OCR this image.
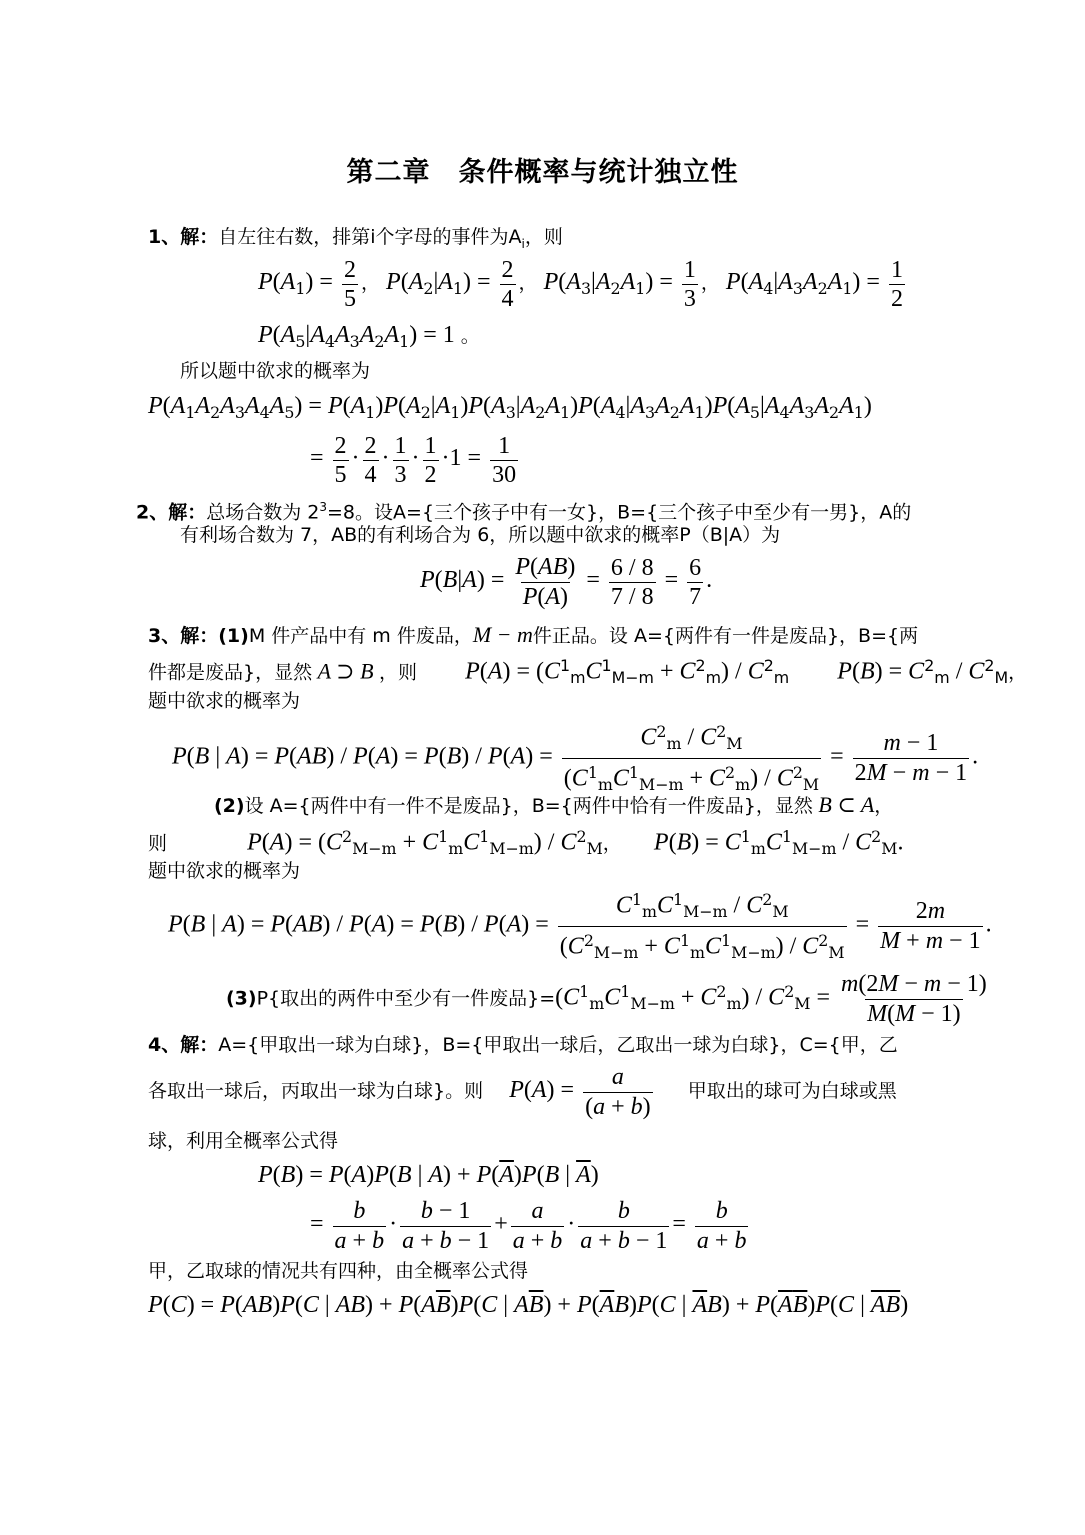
第二章　条件概率与统计独立性
1、解：自左往右数，排第i个字母的事件为$A_i$，则
$P(A_1) = \frac{2}{5}$ ， $P(A_2|A_1) = \frac{2}{4}$ ， $P(A_3|A_2A_1) = \frac{1}{3}$ ， $P(A_4|A_3A_2A_1) = \frac{1}{2}$
$P(A_5|A_4A_3A_2A_1) = 1$ 。
所以题中欲求的概率为
$P(A_1A_2A_3A_4A_5) = P(A_1)P(A_2|A_1)P(A_3|A_2A_1)P(A_4|A_3A_2A_1)P(A_5|A_4A_3A_2A_1)$
= $\frac{2}{5} \cdot \frac{2}{4} \cdot \frac{1}{3} \cdot \frac{1}{2} \cdot 1 = \frac{1}{30}$
2、解：总场合数为 $2^3=8$。设A={三个孩子中有一女}，B={三个孩子中至少有一男}，A的
有利场合数为 7，AB的有利场合为 6，所以题中欲求的概率P（B|A）为
$P(B|A) = \frac{P(AB)}{P(A)} = \frac{6 / 8}{7 / 8} = \frac{6}{7}$ .
3、解：(1)M 件产品中有 m 件废品，M − m件正品。设 A={两件有一件是废品}，B={两
件都是废品}，显然 A ⊃ B ，则 $P(A) = (C^1_mC^1_{M-m} + C^2_m) / C^2_m$ $P(B) = C^2_m / C^2_M$，
题中欲求的概率为
P(B | $A) = P(AB) / P(A) = P(B) / P(A) = \frac{C^2_m / C^2_M}{(C^1_mC^1_{M-m} + C^2_m) / C^2_M} = \frac{m - 1}{2M - m - 1}$ .
(2)设 A={两件中有一件不是废品}，B={两件中恰有一件废品}，显然 B ⊂ A，
则	$P(A) = (C^2_{M-m} + C^1_mC^1_{M-m}) / C^2_M$， $P(B) = C^1_mC^1_{M-m} / C^2_M$.
题中欲求的概率为
P(B | $A) = P(AB) / P(A) = P(B) / P(A) = \frac{C^1_mC^1_{M-m} / C^2_M}{(C^2_{M-m} + C^1_mC^1_{M-m}) / C^2_M} = \frac{2m}{M + m - 1}$ .
(3)P{取出的两件中至少有一件废品}$=(C^1_mC^1_{M-m} + C^2_m) / C^2_M = \frac{m(2M - m - 1)}{M(M - 1)}$
4、解：A={甲取出一球为白球}，B={甲取出一球后，乙取出一球为白球}，C={甲，乙
各取出一球后，丙取出一球为白球}。则 $P(A) = \frac{a}{(a + b)}$ 甲取出的球可为白球或黑
球，利用全概率公式得
P(B) = P(A)P(B | $A) + P(\overline{A})P(B$ | $\overline{A}$)
= $\frac{b}{a + b} \cdot \frac{b - 1}{a + b - 1} + \frac{a}{a + b} \cdot \frac{b}{a + b - 1} = \frac{b}{a + b}$
甲，乙取球的情况共有四种，由全概率公式得
P(C) = P(AB)P(C | $AB) + P(A\overline{B})P(C$ | $A\overline{B}) + P(\overline{A}B)P(C$ | $\overline{A}B) + P(\overline{A}\overline{B})P(C$ | $\overline{A}\overline{B}$)
